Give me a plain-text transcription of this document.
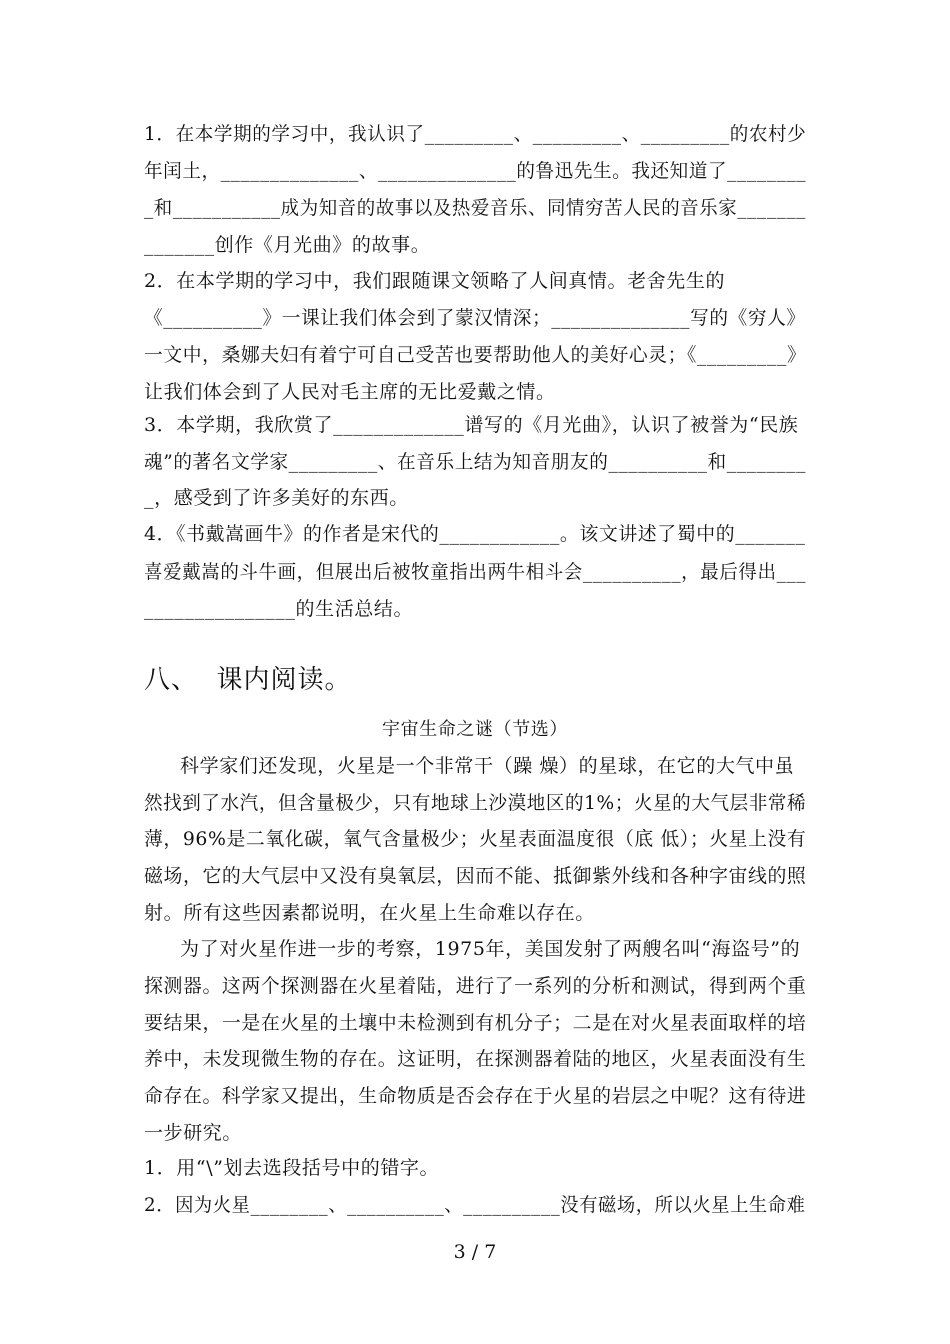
1．在本学期的学习中，我认识了_________、_________、_________的农村少
年闰土，______________、______________的鲁迅先生。我还知道了________
_和___________成为知音的故事以及热爱音乐、同情穷苦人民的音乐家_______
_______创作《月光曲》的故事。
2．在本学期的学习中，我们跟随课文领略了人间真情。老舍先生的
《__________》一课让我们体会到了蒙汉情深；______________写的《穷人》
一文中，桑娜夫妇有着宁可自己受苦也要帮助他人的美好心灵；《_________》
让我们体会到了人民对毛主席的无比爱戴之情。
3．本学期，我欣赏了_____________谱写的《月光曲》，认识了被誉为“民族
魂”的著名文学家_________、在音乐上结为知音朋友的__________和________
_，感受到了许多美好的东西。
4．《书戴嵩画牛》的作者是宋代的____________。该文讲述了蜀中的_______
喜爱戴嵩的斗牛画，但展出后被牧童指出两牛相斗会__________，最后得出___
_______________的生活总结。
八、  课内阅读。
宇宙生命之谜（节选）
科学家们还发现，火星是一个非常干（躁 燥）的星球，在它的大气中虽
然找到了水汽，但含量极少，只有地球上沙漠地区的1%；火星的大气层非常稀
薄，96%是二氧化碳，氧气含量极少；火星表面温度很（底 低）；火星上没有
磁场，它的大气层中又没有臭氧层，因而不能、抵御紫外线和各种字宙线的照
射。所有这些因素都说明，在火星上生命难以存在。
为了对火星作进一步的考察，1975年，美国发射了两艘名叫“海盗号”的
探测器。这两个探测器在火星着陆，进行了一系列的分析和测试，得到两个重
要结果，一是在火星的土壤中未检测到有机分子；二是在对火星表面取样的培
养中，未发现微生物的存在。这证明，在探测器着陆的地区，火星表面没有生
命存在。科学家又提出，生命物质是否会存在于火星的岩层之中呢？这有待进
一步研究。
1．用“\”划去选段括号中的错字。
2．因为火星________、__________、__________没有磁场，所以火星上生命难
3 / 7
